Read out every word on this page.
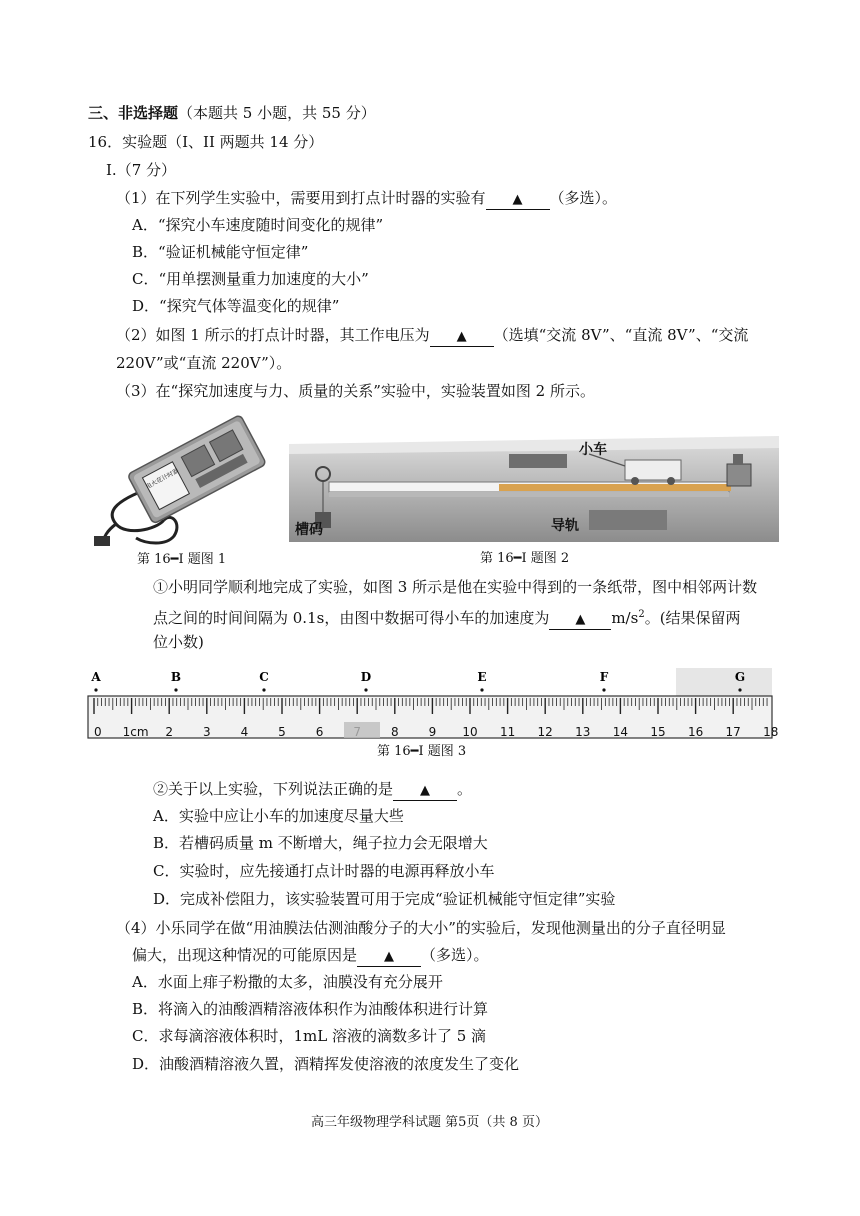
三、非选择题（本题共 5 小题，共 55 分）
16．实验题（I、II 两题共 14 分）
I.（7 分）
（1）在下列学生实验中，需要用到打点计时器的实验有 ▲ （多选）。
A．“探究小车速度随时间变化的规律”
B．“验证机械能守恒定律”
C．“用单摆测量重力加速度的大小”
D．“探究气体等温变化的规律”
（2）如图 1 所示的打点计时器，其工作电压为 ▲ （选填“交流 8V”、“直流 8V”、“交流
220V”或“直流 220V”）。
（3）在“探究加速度与力、质量的关系”实验中，实验装置如图 2 所示。
电火花计时器
小车
槽码	导轨
第 16━I 题图 1	第 16━I 题图 2
①小明同学顺利地完成了实验，如图 3 所示是他在实验中得到的一条纸带，图中相邻两计数
点之间的时间间隔为 0.1s，由图中数据可得小车的加速度为 ▲ $m/s^2$。(结果保留两
位小数)
A	B	C	D	E	F	G
0 1cm 2 3 4 5 6	8 9 10 11 12 13 14 15 16 17 18
第 16━I 题图 3
②关于以上实验，下列说法正确的是 ▲ 。
A．实验中应让小车的加速度尽量大些
B．若槽码质量 m 不断增大，绳子拉力会无限增大
C．实验时，应先接通打点计时器的电源再释放小车
D．完成补偿阻力，该实验装置可用于完成“验证机械能守恒定律”实验
（4）小乐同学在做“用油膜法估测油酸分子的大小”的实验后，发现他测量出的分子直径明显
偏大，出现这种情况的可能原因是 ▲ （多选）。
A．水面上痱子粉撒的太多，油膜没有充分展开
B．将滴入的油酸酒精溶液体积作为油酸体积进行计算
C．求每滴溶液体积时，1mL 溶液的滴数多计了 5 滴
D．油酸酒精溶液久置，酒精挥发使溶液的浓度发生了变化
高三年级物理学科试题 第5页（共 8 页）
